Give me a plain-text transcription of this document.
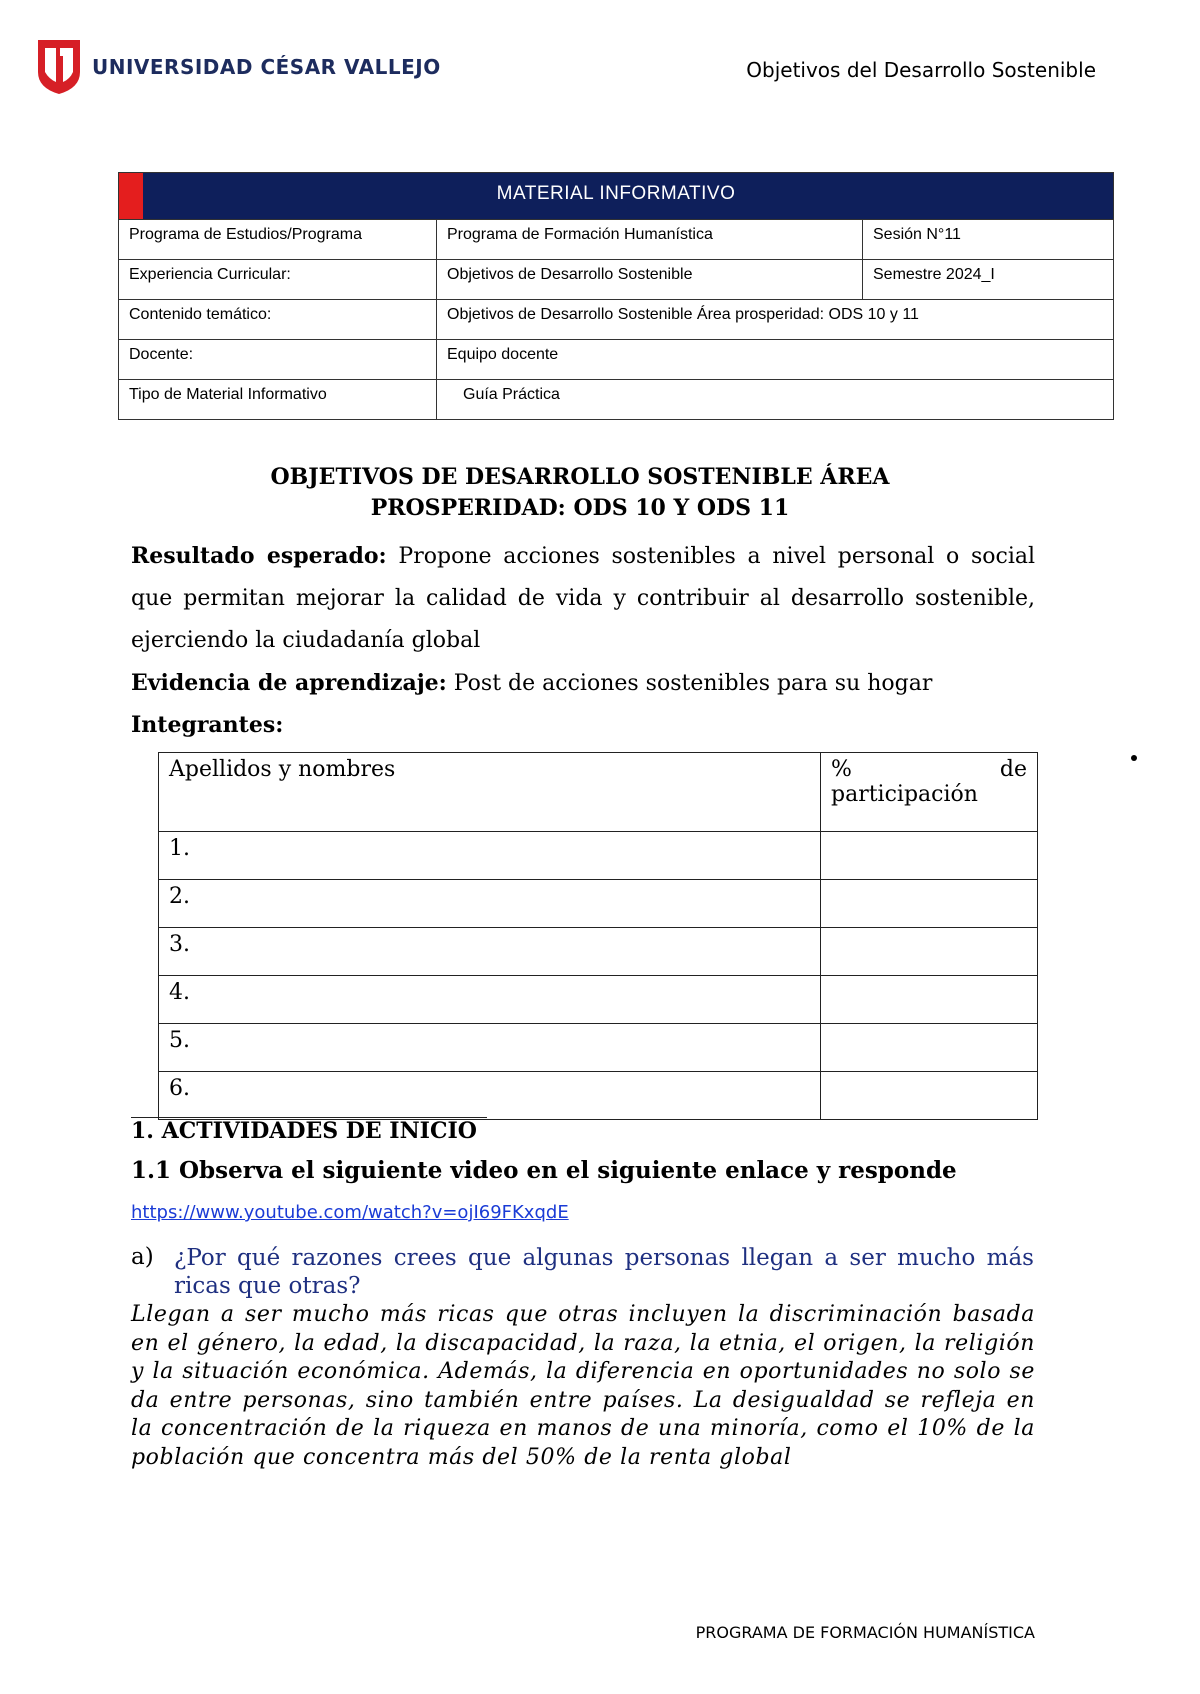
UNIVERSIDAD CÉSAR VALLEJO	Objetivos del Desarrollo Sostenible
MATERIAL INFORMATIVO		
Programa de Estudios/Programa	Programa de Formación Humanística	Sesión N°11
Experiencia Curricular:	Objetivos de Desarrollo Sostenible	Semestre 2024_I
Contenido temático:	Objetivos de Desarrollo Sostenible Área prosperidad: ODS 10 y 11	
Docente:	Equipo docente	
Tipo de Material Informativo	Guía Práctica	
OBJETIVOS DE DESARROLLO SOSTENIBLE ÁREA
PROSPERIDAD: ODS 10 Y ODS 11
Resultado esperado: Propone acciones sostenibles a nivel personal o social que permitan mejorar la calidad de vida y contribuir al desarrollo sostenible, ejerciendo la ciudadanía global
Evidencia de aprendizaje: Post de acciones sostenibles para su hogar
Integrantes:
Apellidos y nombres	% de
participación

1.	
2.	
3.	
4.	
5.	
6.	
1. ACTIVIDADES DE INICIO
1.1 Observa el siguiente video en el siguiente enlace y responde
https://www.youtube.com/watch?v=ojI69FKxqdE
a) ¿Por qué razones crees que algunas personas llegan a ser mucho más ricas que otras?
Llegan a ser mucho más ricas que otras incluyen la discriminación basada en el género, la edad, la discapacidad, la raza, la etnia, el origen, la religión y la situación económica. Además, la diferencia en oportunidades no solo se da entre personas, sino también entre países. La desigualdad se refleja en la concentración de la riqueza en manos de una minoría, como el 10% de la población que concentra más del 50% de la renta global
PROGRAMA DE FORMACIÓN HUMANÍSTICA
